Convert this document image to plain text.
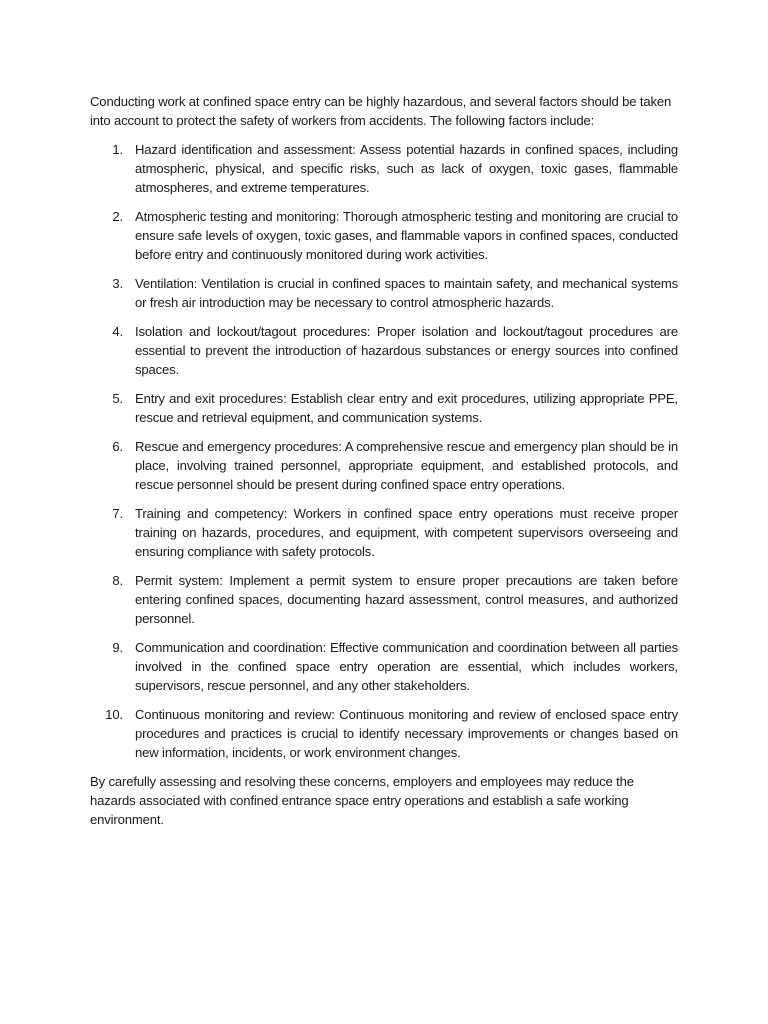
Conducting work at confined space entry can be highly hazardous, and several factors should be taken into account to protect the safety of workers from accidents. The following factors include:

1. Hazard identification and assessment: Assess potential hazards in confined spaces, including atmospheric, physical, and specific risks, such as lack of oxygen, toxic gases, flammable atmospheres, and extreme temperatures.
2. Atmospheric testing and monitoring: Thorough atmospheric testing and monitoring are crucial to ensure safe levels of oxygen, toxic gases, and flammable vapors in confined spaces, conducted before entry and continuously monitored during work activities.
3. Ventilation: Ventilation is crucial in confined spaces to maintain safety, and mechanical systems or fresh air introduction may be necessary to control atmospheric hazards.
4. Isolation and lockout/tagout procedures: Proper isolation and lockout/tagout procedures are essential to prevent the introduction of hazardous substances or energy sources into confined spaces.
5. Entry and exit procedures: Establish clear entry and exit procedures, utilizing appropriate PPE, rescue and retrieval equipment, and communication systems.
6. Rescue and emergency procedures: A comprehensive rescue and emergency plan should be in place, involving trained personnel, appropriate equipment, and established protocols, and rescue personnel should be present during confined space entry operations.
7. Training and competency: Workers in confined space entry operations must receive proper training on hazards, procedures, and equipment, with competent supervisors overseeing and ensuring compliance with safety protocols.
8. Permit system: Implement a permit system to ensure proper precautions are taken before entering confined spaces, documenting hazard assessment, control measures, and authorized personnel.
9. Communication and coordination: Effective communication and coordination between all parties involved in the confined space entry operation are essential, which includes workers, supervisors, rescue personnel, and any other stakeholders.
10. Continuous monitoring and review: Continuous monitoring and review of enclosed space entry procedures and practices is crucial to identify necessary improvements or changes based on new information, incidents, or work environment changes.

By carefully assessing and resolving these concerns, employers and employees may reduce the hazards associated with confined entrance space entry operations and establish a safe working environment.
